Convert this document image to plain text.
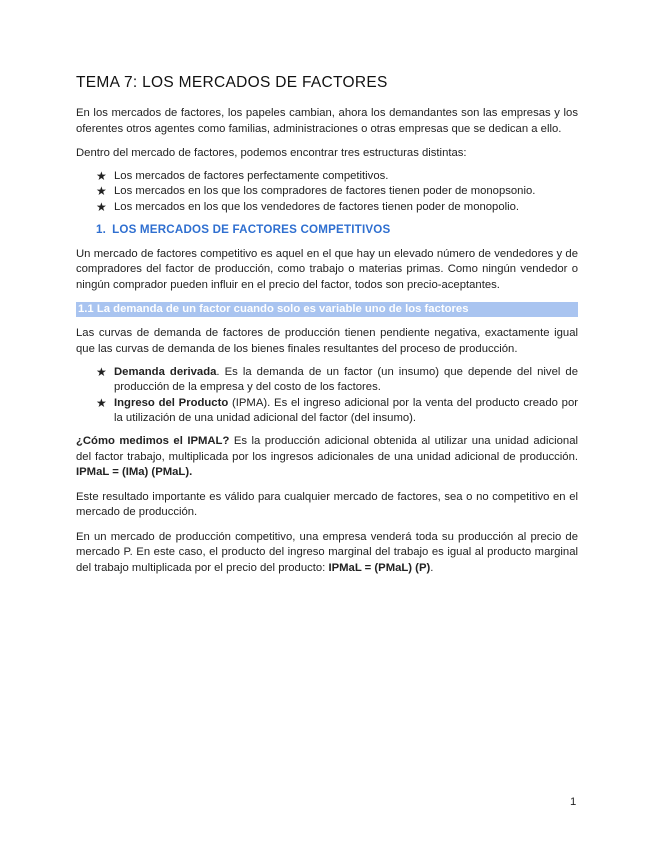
TEMA 7: LOS MERCADOS DE FACTORES

En los mercados de factores, los papeles cambian, ahora los demandantes son las empresas y los oferentes otros agentes como familias, administraciones o otras empresas que se dedican a ello.

Dentro del mercado de factores, podemos encontrar tres estructuras distintas:

★ Los mercados de factores perfectamente competitivos.
★ Los mercados en los que los compradores de factores tienen poder de monopsonio.
★ Los mercados en los que los vendedores de factores tienen poder de monopolio.
1. LOS MERCADOS DE FACTORES COMPETITIVOS

Un mercado de factores competitivo es aquel en el que hay un elevado número de vendedores y de compradores del factor de producción, como trabajo o materias primas. Como ningún vendedor o ningún comprador pueden influir en el precio del factor, todos son precio-aceptantes.

1.1 La demanda de un factor cuando solo es variable uno de los factores

Las curvas de demanda de factores de producción tienen pendiente negativa, exactamente igual que las curvas de demanda de los bienes finales resultantes del proceso de producción.

★ Demanda derivada. Es la demanda de un factor (un insumo) que depende del nivel de producción de la empresa y del costo de los factores.
★ Ingreso del Producto (IPMA). Es el ingreso adicional por la venta del producto creado por la utilización de una unidad adicional del factor (del insumo).

¿Cómo medimos el IPMAL? Es la producción adicional obtenida al utilizar una unidad adicional del factor trabajo, multiplicada por los ingresos adicionales de una unidad adicional de producción. IPMaL = (IMa) (PMaL).

Este resultado importante es válido para cualquier mercado de factores, sea o no competitivo en el mercado de producción.

En un mercado de producción competitivo, una empresa venderá toda su producción al precio de mercado P. En este caso, el producto del ingreso marginal del trabajo es igual al producto marginal del trabajo multiplicada por el precio del producto: IPMaL = (PMaL) (P).

1
